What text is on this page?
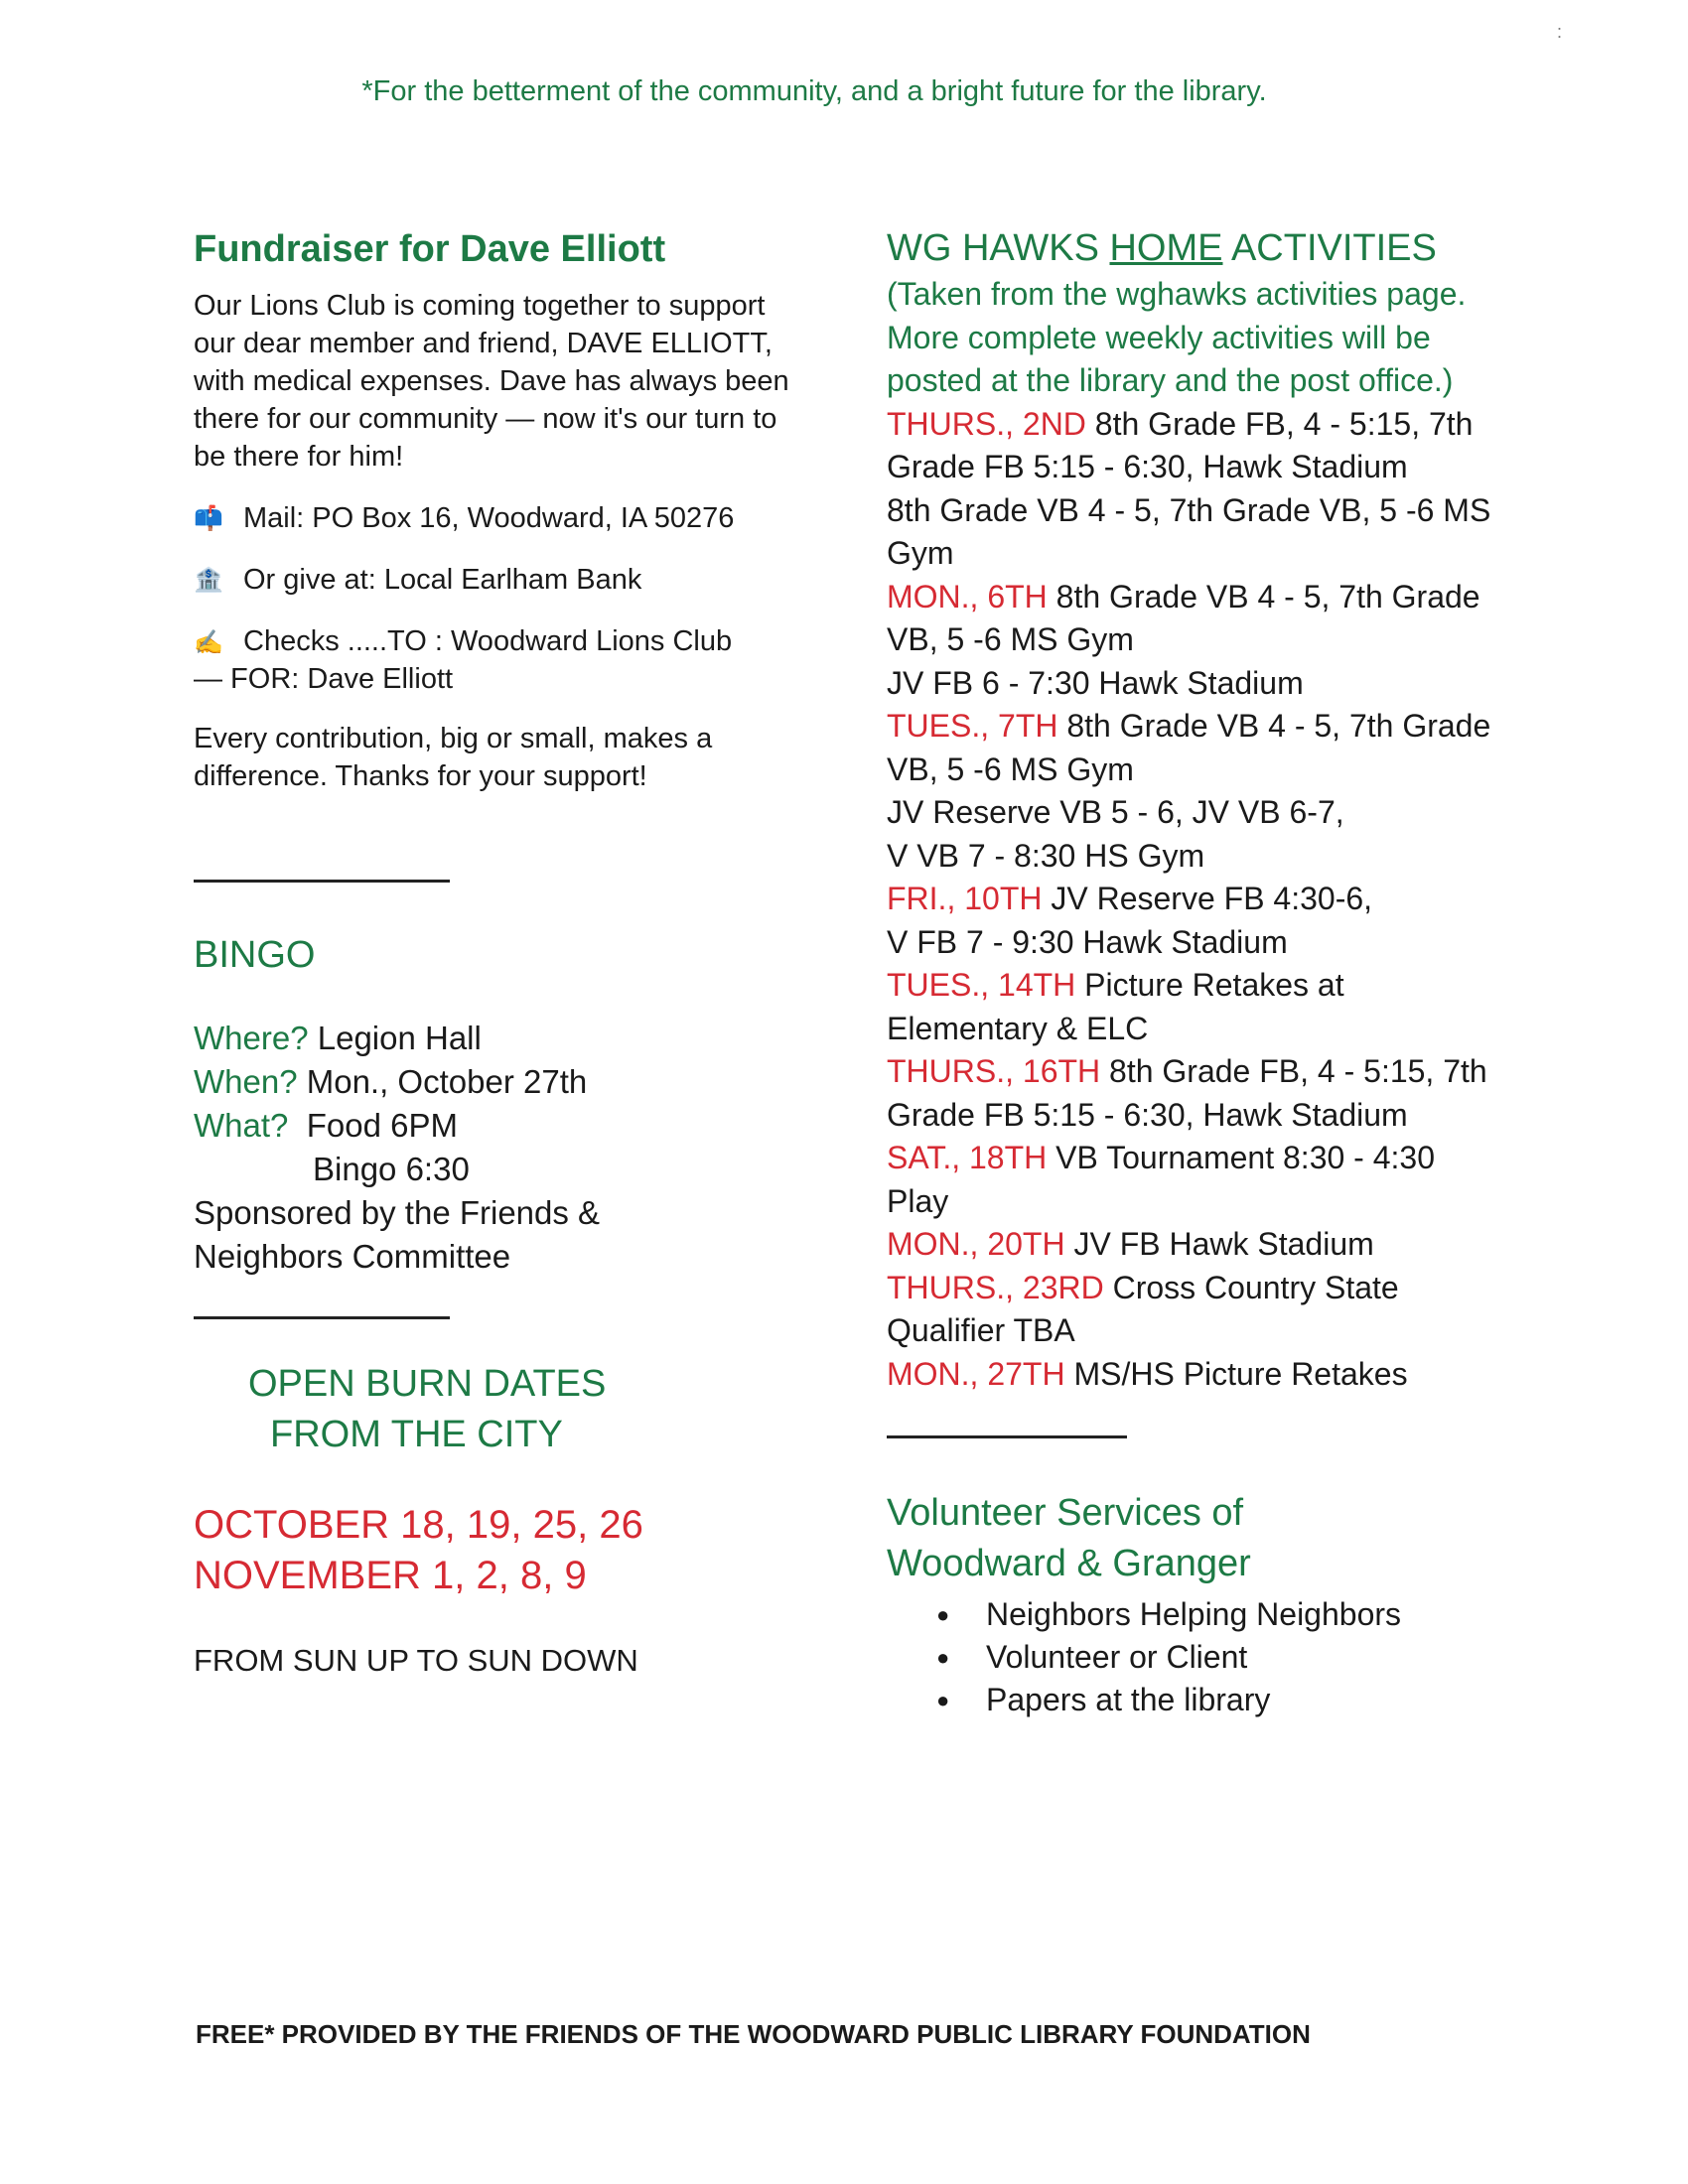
*For the betterment of the community, and a bright future for the library.
:
Fundraiser for Dave Elliott

Our Lions Club is coming together to support our dear member and friend, DAVE ELLIOTT, with medical expenses. Dave has always been there for our community — now it's our turn to be there for him!

📫 Mail: PO Box 16, Woodward, IA 50276
🏦 Or give at: Local Earlham Bank
✍ Checks .....TO : Woodward Lions Club
— FOR: Dave Elliott

Every contribution, big or small, makes a difference. Thanks for your support!

BINGO
Where? Legion Hall
When? Mon., October 27th
What? Food 6PM
Bingo 6:30
Sponsored by the Friends & Neighbors Committee
OPEN BURN DATES
FROM THE CITY
OCTOBER 18, 19, 25, 26
NOVEMBER 1, 2, 8, 9
FROM SUN UP TO SUN DOWN
WG HAWKS HOME ACTIVITIES
(Taken from the wghawks activities page. More complete weekly activities will be posted at the library and the post office.)
THURS., 2ND 8th Grade FB, 4 - 5:15, 7th Grade FB 5:15 - 6:30, Hawk Stadium
8th Grade VB 4 - 5, 7th Grade VB, 5 -6 MS Gym
MON., 6TH 8th Grade VB 4 - 5, 7th Grade VB, 5 -6 MS Gym
JV FB 6 - 7:30 Hawk Stadium
TUES., 7TH 8th Grade VB 4 - 5, 7th Grade VB, 5 -6 MS Gym
JV Reserve VB 5 - 6, JV VB 6-7,
V VB 7 - 8:30 HS Gym
FRI., 10TH JV Reserve FB 4:30-6,
V FB 7 - 9:30 Hawk Stadium
TUES., 14TH Picture Retakes at Elementary & ELC
THURS., 16TH 8th Grade FB, 4 - 5:15, 7th Grade FB 5:15 - 6:30, Hawk Stadium
SAT., 18TH VB Tournament 8:30 - 4:30 Play
MON., 20TH JV FB Hawk Stadium
THURS., 23RD Cross Country State Qualifier TBA
MON., 27TH MS/HS Picture Retakes
Volunteer Services of
Woodward & Granger
●	Neighbors Helping Neighbors
●	Volunteer or Client
●	Papers at the library
FREE* PROVIDED BY THE FRIENDS OF THE WOODWARD PUBLIC LIBRARY FOUNDATION
